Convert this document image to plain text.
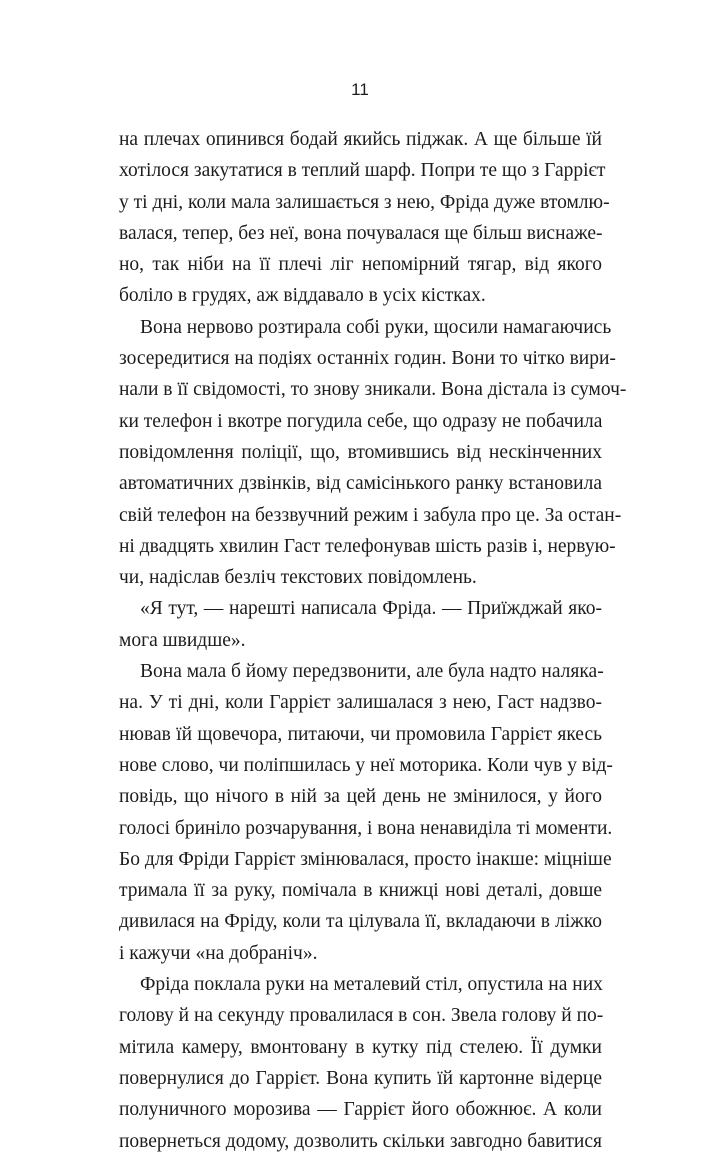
11
на плечах опинився бодай якийсь піджак. А ще більше їй
хотілося закутатися в теплий шарф. Попри те що з Гаррієт
у ті дні, коли мала залишається з нею, Фріда дуже втомлю-
валася, тепер, без неї, вона почувалася ще більш виснаже-
но, так ніби на її плечі ліг непомірний тягар, від якого
боліло в грудях, аж віддавало в усіх кістках.
Вона нервово розтирала собі руки, щосили намагаючись
зосередитися на подіях останніх годин. Вони то чітко вири-
нали в її свідомості, то знову зникали. Вона дістала із сумоч-
ки телефон і вкотре погудила себе, що одразу не побачила
повідомлення поліції, що, втомившись від нескінченних
автоматичних дзвінків, від самісінького ранку встановила
свій телефон на беззвучний режим і забула про це. За остан-
ні двадцять хвилин Гаст телефонував шість разів і, нервую-
чи, надіслав безліч текстових повідомлень.
«Я тут, — нарешті написала Фріда. — Приїжджай яко-
мога швидше».
Вона мала б йому передзвонити, але була надто наляка-
на. У ті дні, коли Гаррієт залишалася з нею, Гаст надзво-
нював їй щовечора, питаючи, чи промовила Гаррієт якесь
нове слово, чи поліпшилась у неї моторика. Коли чув у від-
повідь, що нічого в ній за цей день не змінилося, у його
голосі бриніло розчарування, і вона ненавиділа ті моменти.
Бо для Фріди Гаррієт змінювалася, просто інакше: міцніше
тримала її за руку, помічала в книжці нові деталі, довше
дивилася на Фріду, коли та цілувала її, вкладаючи в ліжко
і кажучи «на добраніч».
Фріда поклала руки на металевий стіл, опустила на них
голову й на секунду провалилася в сон. Звела голову й по-
мітила камеру, вмонтовану в кутку під стелею. Її думки
повернулися до Гаррієт. Вона купить їй картонне відерце
полуничного морозива — Гаррієт його обожнює. А коли
повернеться додому, дозволить скільки завгодно бавитися
